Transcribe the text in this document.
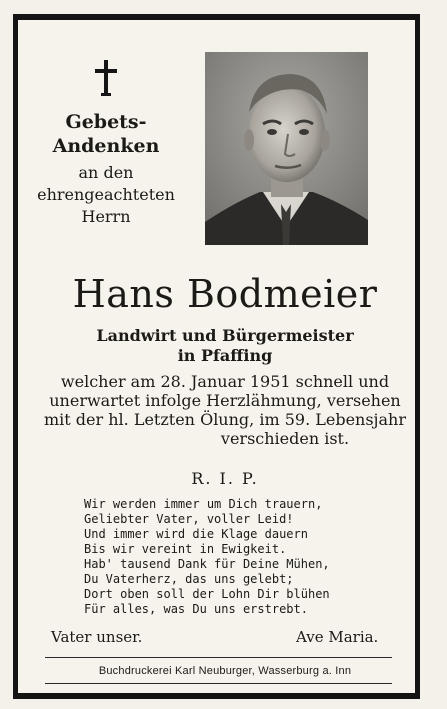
Gebets-
Andenken
an den
ehrengeachteten
Herrn
Hans Bodmeier
Landwirt und Bürgermeister
in Pfaffing
welcher am 28. Januar 1951 schnell und
unerwartet infolge Herzlähmung, versehen
mit der hl. Letzten Ölung, im 59. Lebensjahr
verschieden ist.
R. I. P.
Wir werden immer um Dich trauern,
Geliebter Vater, voller Leid!
Und immer wird die Klage dauern
Bis wir vereint in Ewigkeit.
Hab' tausend Dank für Deine Mühen,
Du Vaterherz, das uns gelebt;
Dort oben soll der Lohn Dir blühen
Für alles, was Du uns erstrebt.
Vater unser.	Ave Maria.
Buchdruckerei Karl Neuburger, Wasserburg a. Inn
